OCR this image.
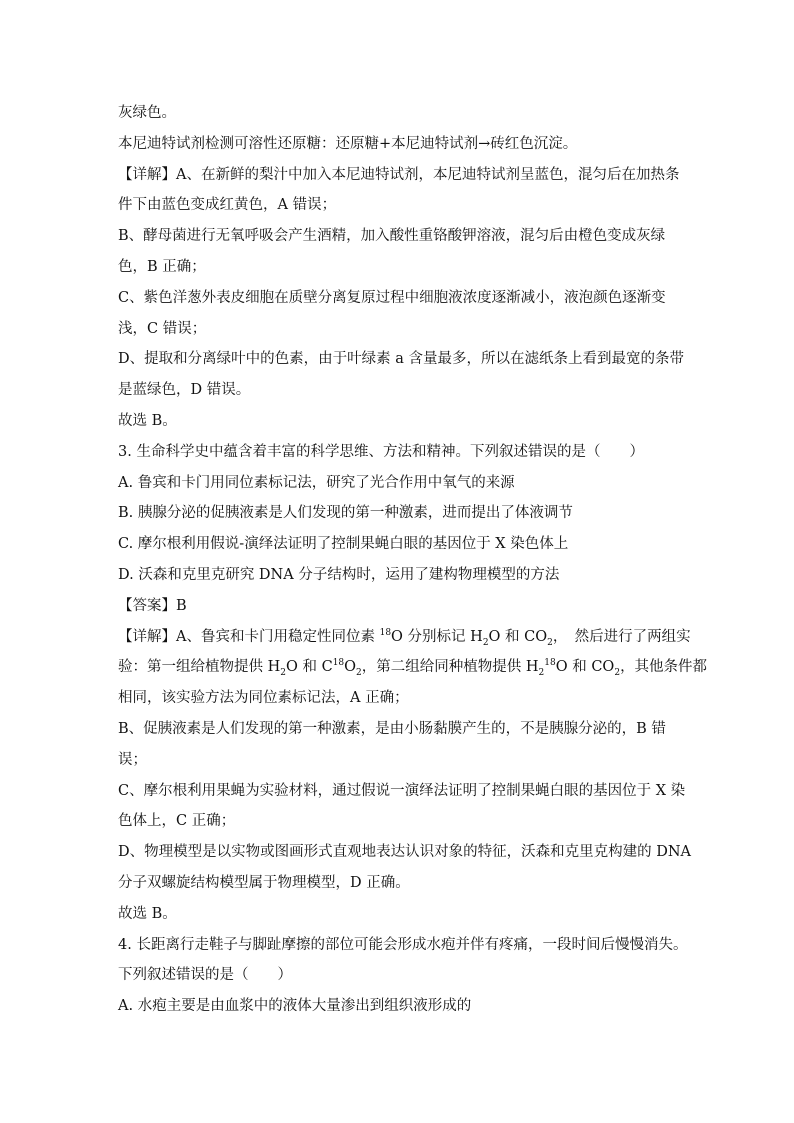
灰绿色。
本尼迪特试剂检测可溶性还原糖：还原糖+本尼迪特试剂→砖红色沉淀。
【详解】A、在新鲜的梨汁中加入本尼迪特试剂，本尼迪特试剂呈蓝色，混匀后在加热条
件下由蓝色变成红黄色，A 错误；
B、酵母菌进行无氧呼吸会产生酒精，加入酸性重铬酸钾溶液，混匀后由橙色变成灰绿
色，B 正确；
C、紫色洋葱外表皮细胞在质壁分离复原过程中细胞液浓度逐渐减小，液泡颜色逐渐变
浅，C 错误；
D、提取和分离绿叶中的色素，由于叶绿素 a 含量最多，所以在滤纸条上看到最宽的条带
是蓝绿色，D 错误。
故选 B。
3. 生命科学史中蕴含着丰富的科学思维、方法和精神。下列叙述错误的是（　　）
A. 鲁宾和卡门用同位素标记法，研究了光合作用中氧气的来源
B. 胰腺分泌的促胰液素是人们发现的第一种激素，进而提出了体液调节
C. 摩尔根利用假说-演绎法证明了控制果蝇白眼的基因位于 X 染色体上
D. 沃森和克里克研究 DNA 分子结构时，运用了建构物理模型的方法
【答案】B
【详解】A、鲁宾和卡门用稳定性同位素 $^{18}$O 分别标记 $H_2O$ 和 $CO_2$，　然后进行了两组实
验：第一组给植物提供 $H_2O$ 和 $C^{18}O_2$，第二组给同种植物提供 $H_2^{18}O$ 和 $CO_2$，其他条件都
相同，该实验方法为同位素标记法，A 正确；
B、促胰液素是人们发现的第一种激素，是由小肠黏膜产生的，不是胰腺分泌的，B 错
误；
C、摩尔根利用果蝇为实验材料，通过假说一演绎法证明了控制果蝇白眼的基因位于 X 染
色体上，C 正确；
D、物理模型是以实物或图画形式直观地表达认识对象的特征，沃森和克里克构建的 DNA
分子双螺旋结构模型属于物理模型，D 正确。
故选 B。
4. 长距离行走鞋子与脚趾摩擦的部位可能会形成水疱并伴有疼痛，一段时间后慢慢消失。
下列叙述错误的是（　　）
A. 水疱主要是由血浆中的液体大量渗出到组织液形成的
